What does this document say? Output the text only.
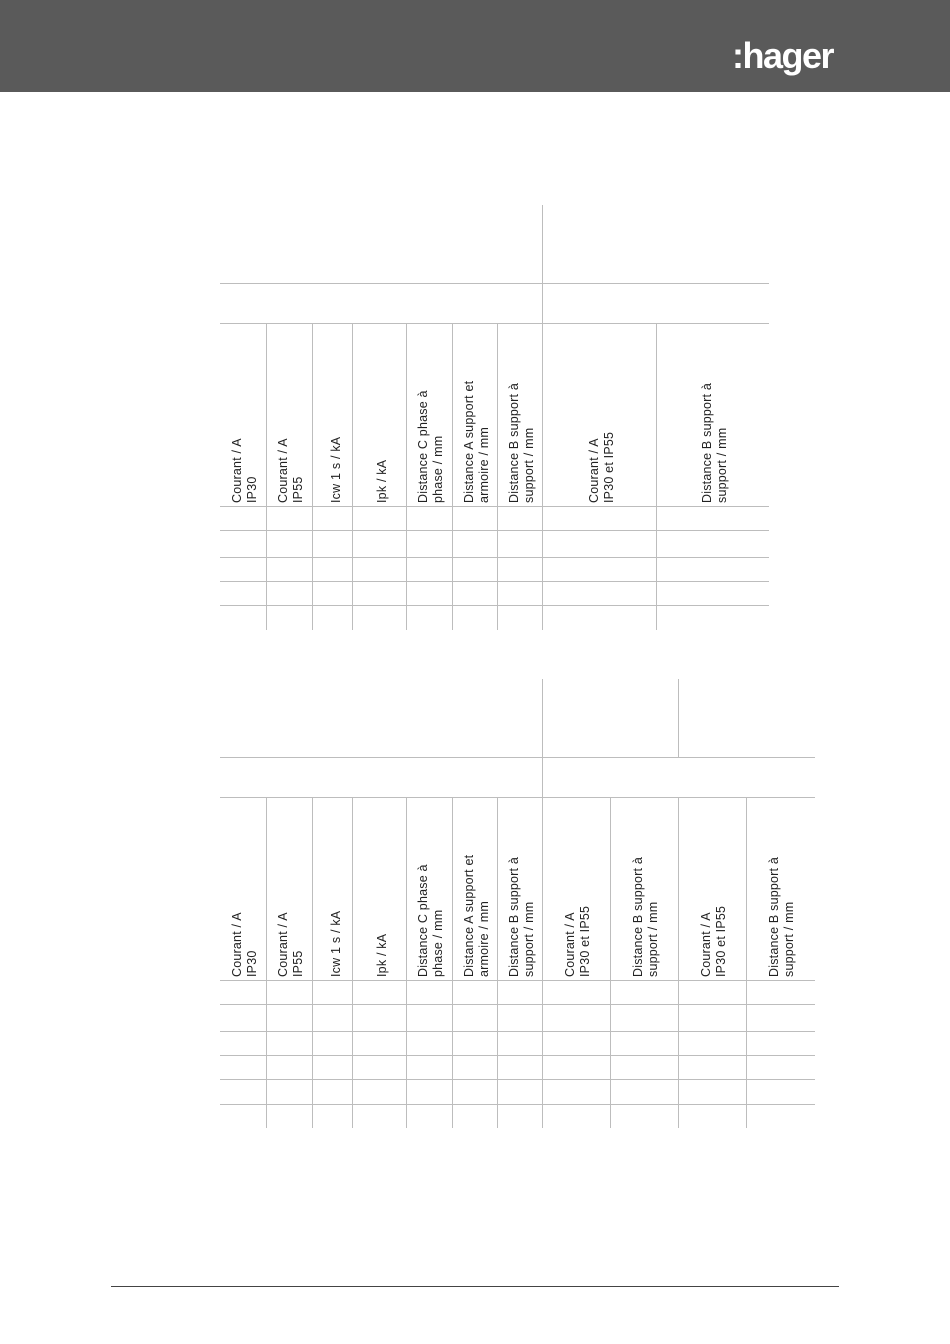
:hager
Courant / A
IP30 Courant / A
IP55 Icw 1 s / kA	Ipk / kA Distance C phase à
phase / mm
Distance A support et
armoire / mm
Distance B support à
support / mm
Courant / A
IP30 et IP55
Distance B support à
support / mm
Courant / A
IP30 Courant / A
IP55 Icw 1 s / kA	Ipk / kA Distance C phase à
phase / mm
Distance A support et
armoire / mm
Distance B support à
support / mm
Courant / A
IP30 et IP55
Distance B support à
support / mm
Courant / A
IP30 et IP55
Distance B support à
support / mm
